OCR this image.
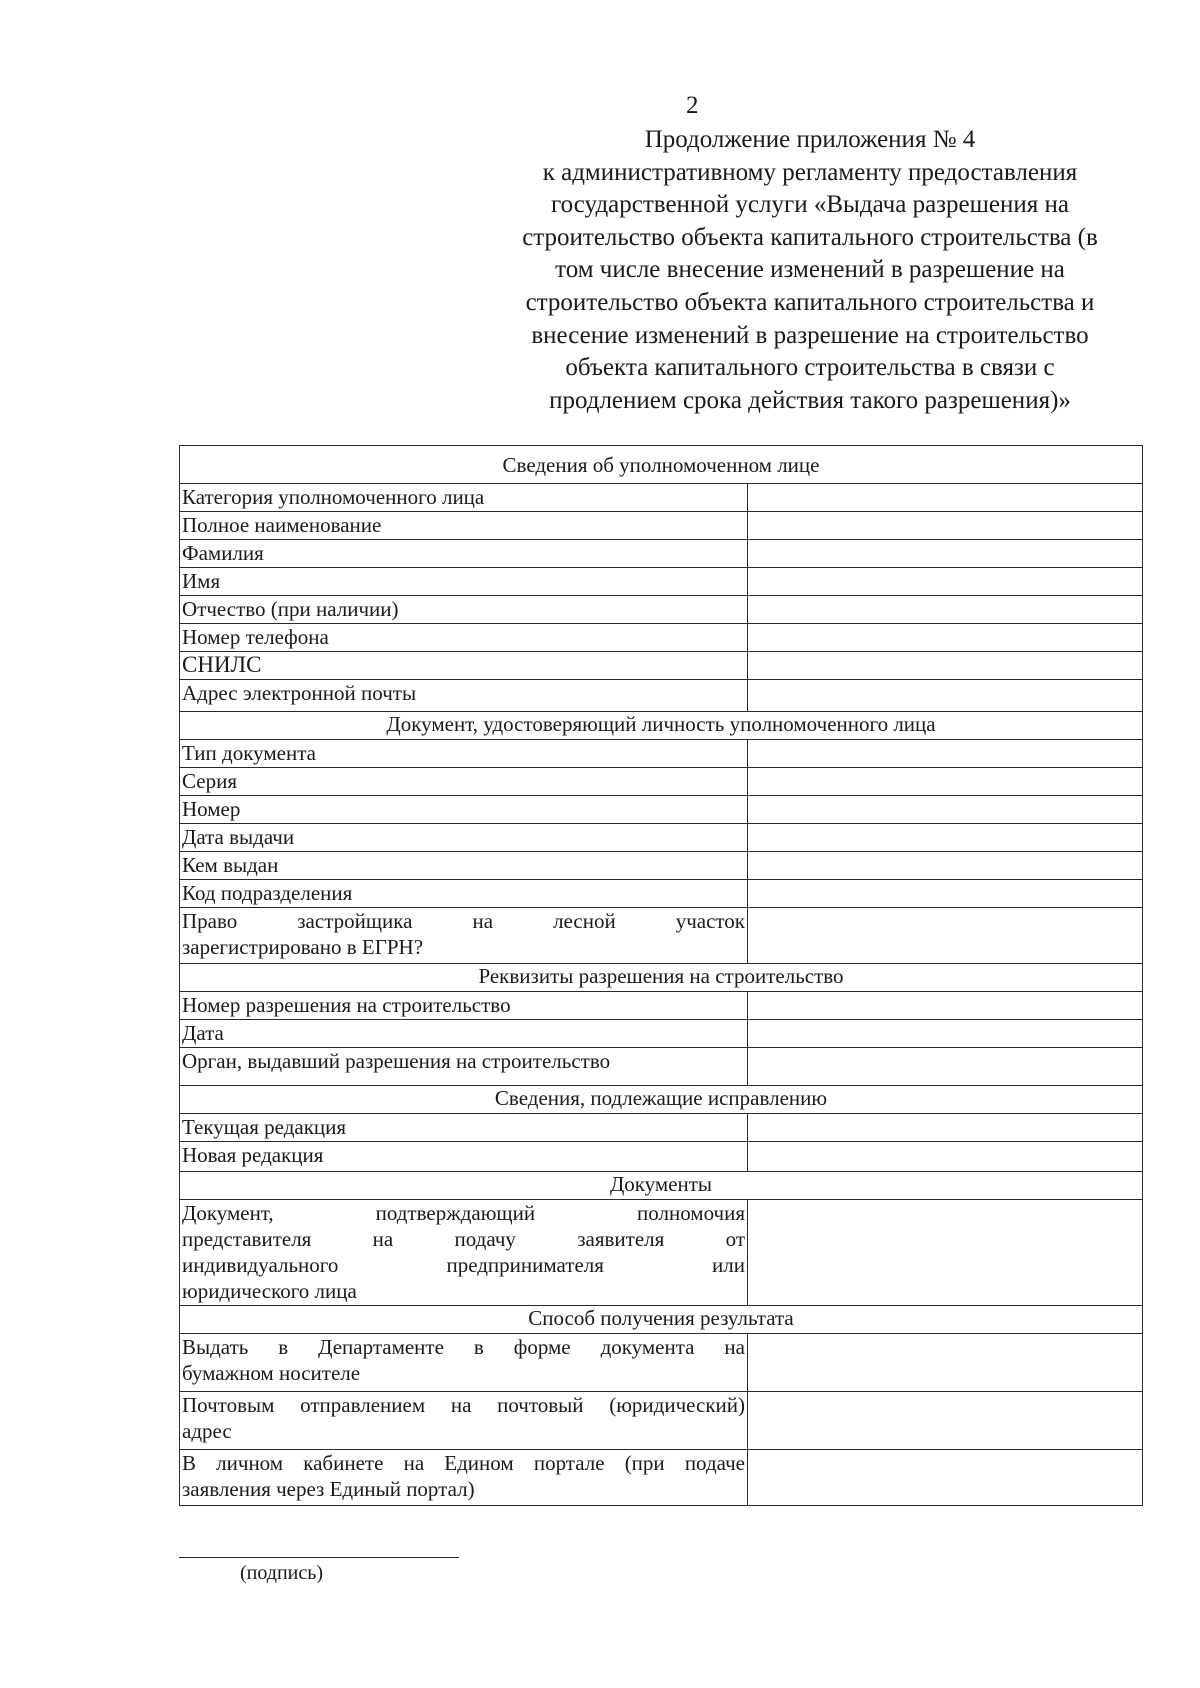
2
Продолжение приложения № 4
к административному регламенту предоставления
государственной услуги «Выдача разрешения на
строительство объекта капитального строительства (в
том числе внесение изменений в разрешение на
строительство объекта капитального строительства и
внесение изменений в разрешение на строительство
объекта капитального строительства в связи с
продлением срока действия такого разрешения)»
Сведения об уполномоченном лице	
Категория уполномоченного лица	
Полное наименование	
Фамилия	
Имя	
Отчество (при наличии)	
Номер телефона	
СНИЛС	
Адрес электронной почты	
Документ, удостоверяющий личность уполномоченного лица	
Тип документа	
Серия	
Номер	
Дата выдачи	
Кем выдан	
Код подразделения	

Право застройщика на лесной участок
зарегистрировано в ЕГРН?	

Реквизиты разрешения на строительство	
Номер разрешения на строительство	
Дата	
Орган, выдавший разрешения на строительство	
Сведения, подлежащие исправлению	
Текущая редакция	
Новая редакция	
Документы	

Документ, подтверждающий полномочия
представителя на подачу заявителя от
индивидуального предпринимателя или
юридического лица	

Способ получения результата	

Выдать в Департаменте в форме документа на
бумажном носителе	

Почтовым отправлением на почтовый (юридический)
адрес	

В личном кабинете на Едином портале (при подаче
заявления через Единый портал)	

(подпись)
